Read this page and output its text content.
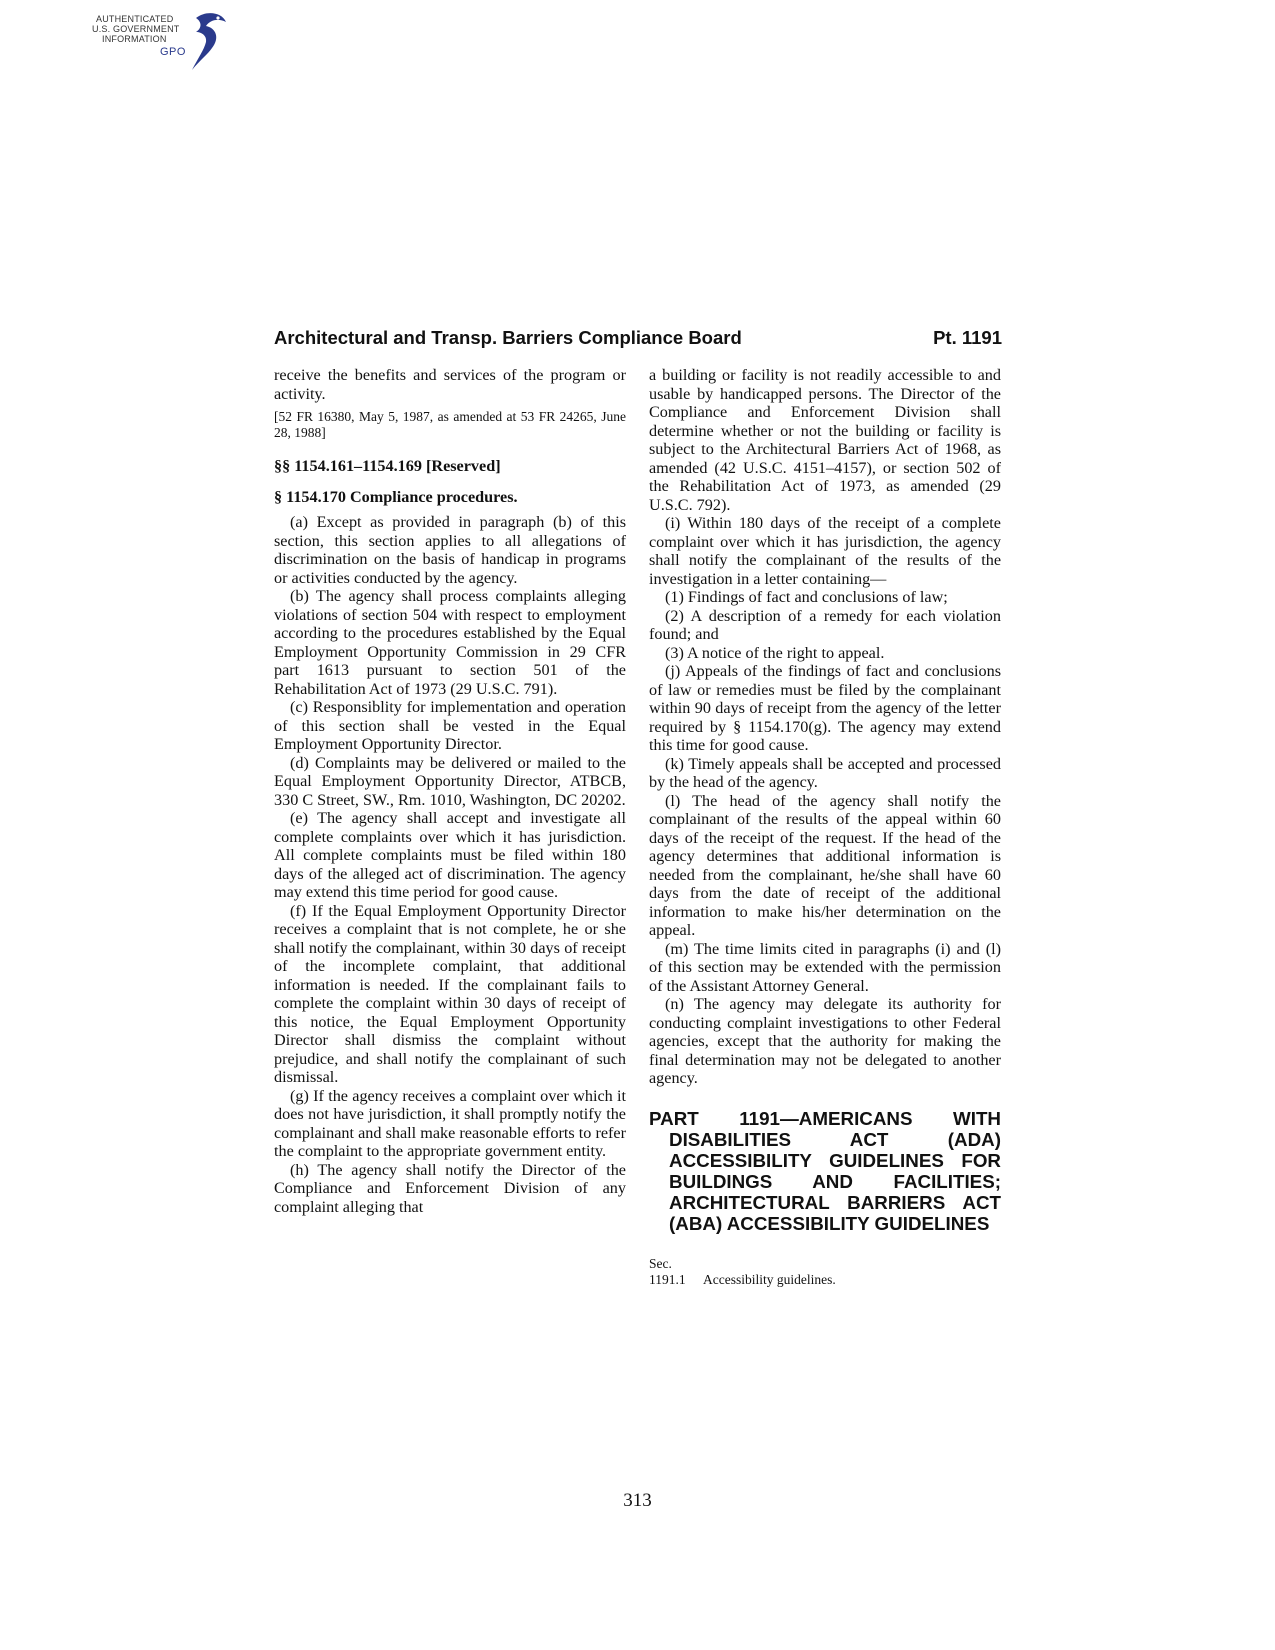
AUTHENTICATED
U.S. GOVERNMENT
INFORMATION
GPO
Architectural and Transp. Barriers Compliance Board	Pt. 1191

receive the benefits and services of the program or activity.

[52 FR 16380, May 5, 1987, as amended at 53 FR 24265, June 28, 1988]

§§ 1154.161–1154.169 [Reserved]
§ 1154.170 Compliance procedures.

(a) Except as provided in paragraph (b) of this section, this section applies to all allegations of discrimination on the basis of handicap in programs or activities conducted by the agency.

(b) The agency shall process complaints alleging violations of section 504 with respect to employment according to the procedures established by the Equal Employment Opportunity Commission in 29 CFR part 1613 pursuant to section 501 of the Rehabilitation Act of 1973 (29 U.S.C. 791).

(c) Responsiblity for implementation and operation of this section shall be vested in the Equal Employment Opportunity Director.

(d) Complaints may be delivered or mailed to the Equal Employment Opportunity Director, ATBCB, 330 C Street, SW., Rm. 1010, Washington, DC 20202.

(e) The agency shall accept and investigate all complete complaints over which it has jurisdiction. All complete complaints must be filed within 180 days of the alleged act of discrimination. The agency may extend this time period for good cause.

(f) If the Equal Employment Opportunity Director receives a complaint that is not complete, he or she shall notify the complainant, within 30 days of receipt of the incomplete complaint, that additional information is needed. If the complainant fails to complete the complaint within 30 days of receipt of this notice, the Equal Employment Opportunity Director shall dismiss the complaint without prejudice, and shall notify the complainant of such dismissal.

(g) If the agency receives a complaint over which it does not have jurisdiction, it shall promptly notify the complainant and shall make reasonable efforts to refer the complaint to the appropriate government entity.

(h) The agency shall notify the Director of the Compliance and Enforcement Division of any complaint alleging that

a building or facility is not readily accessible to and usable by handicapped persons. The Director of the Compliance and Enforcement Division shall determine whether or not the building or facility is subject to the Architectural Barriers Act of 1968, as amended (42 U.S.C. 4151–4157), or section 502 of the Rehabilitation Act of 1973, as amended (29 U.S.C. 792).

(i) Within 180 days of the receipt of a complete complaint over which it has jurisdiction, the agency shall notify the complainant of the results of the investigation in a letter containing—

(1) Findings of fact and conclusions of law;

(2) A description of a remedy for each violation found; and

(3) A notice of the right to appeal.

(j) Appeals of the findings of fact and conclusions of law or remedies must be filed by the complainant within 90 days of receipt from the agency of the letter required by § 1154.170(g). The agency may extend this time for good cause.

(k) Timely appeals shall be accepted and processed by the head of the agency.

(l) The head of the agency shall notify the complainant of the results of the appeal within 60 days of the receipt of the request. If the head of the agency determines that additional information is needed from the complainant, he/she shall have 60 days from the date of receipt of the additional information to make his/her determination on the appeal.

(m) The time limits cited in paragraphs (i) and (l) of this section may be extended with the permission of the Assistant Attorney General.

(n) The agency may delegate its authority for conducting complaint investigations to other Federal agencies, except that the authority for making the final determination may not be delegated to another agency.

PART 1191—AMERICANS WITH DISABILITIES ACT (ADA) ACCESSIBILITY GUIDELINES FOR BUILDINGS AND FACILITIES; ARCHITECTURAL BARRIERS ACT (ABA) ACCESSIBILITY GUIDELINES
Sec.
1191.1 Accessibility guidelines.
313
